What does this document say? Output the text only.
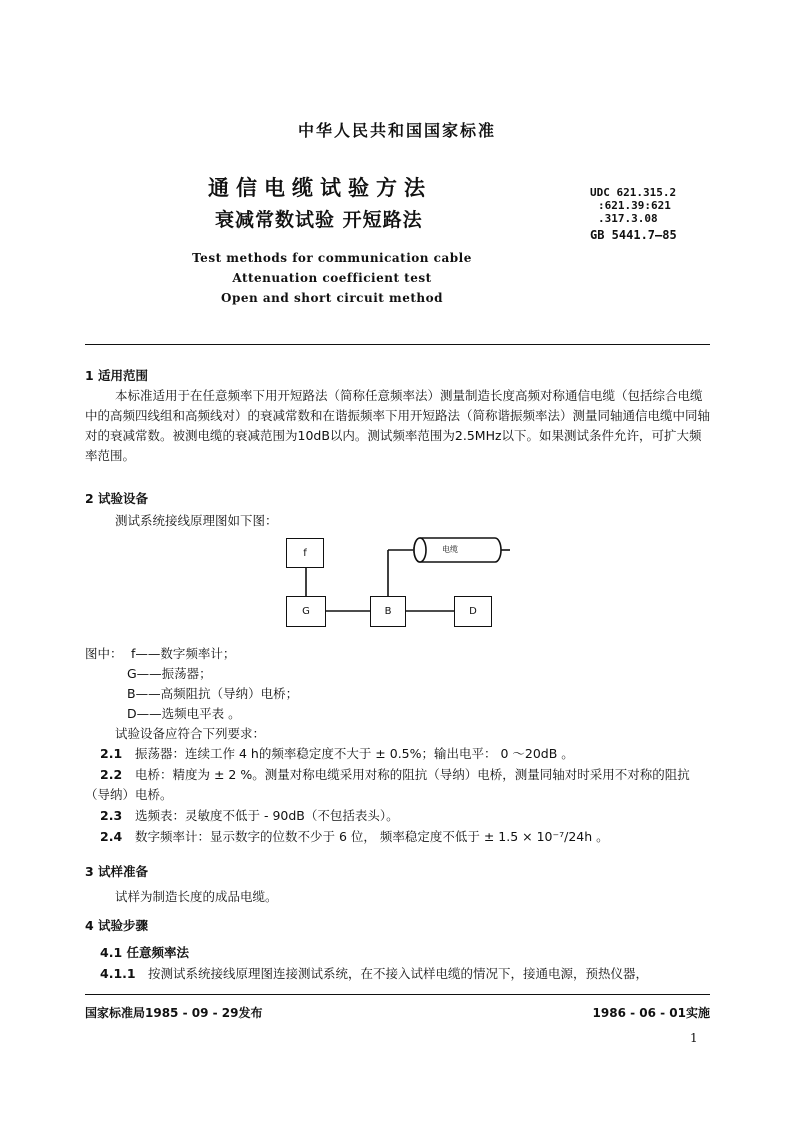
中华人民共和国国家标准
通信电缆试验方法
衰减常数试验 开短路法
UDC 621.315.2
:621.39:621
.317.3.08
GB 5441.7—85
Test methods for communication cable
Attenuation coefficient test
Open and short circuit method
1 适用范围
本标准适用于在任意频率下用开短路法（简称任意频率法）测量制造长度高频对称通信电缆（包括综合电缆中的高频四线组和高频线对）的衰减常数和在谐振频率下用开短路法（简称谐振频率法）测量同轴通信电缆中同轴对的衰减常数。被测电缆的衰减范围为10dB以内。测试频率范围为2.5MHz以下。如果测试条件允许，可扩大频率范围。
2 试验设备
测试系统接线原理图如下图：
f
G	B	D
电缆
图中： f——数字频率计；
G——振荡器；
B——高频阻抗（导纳）电桥；
D——选频电平表 。
试验设备应符合下列要求：
2.1 振荡器：连续工作 4 h的频率稳定度不大于 ± 0.5%；输出电平： 0 ～20dB 。
2.2	电桥：精度为 ± 2 %。测量对称电缆采用对称的阻抗（导纳）电桥，测量同轴对时采用不对称的阻抗（导纳）电桥。
2.3 选频表：灵敏度不低于 - 90dB（不包括表头）。
2.4 数字频率计：显示数字的位数不少于 6 位， 频率稳定度不低于 ± 1.5 × 10⁻⁷/24h 。
3 试样准备
试样为制造长度的成品电缆。
4 试验步骤
4.1 任意频率法
4.1.1 按测试系统接线原理图连接测试系统，在不接入试样电缆的情况下，接通电源，预热仪器，
国家标准局1985 - 09 - 29发布	1986 - 06 - 01实施
1
